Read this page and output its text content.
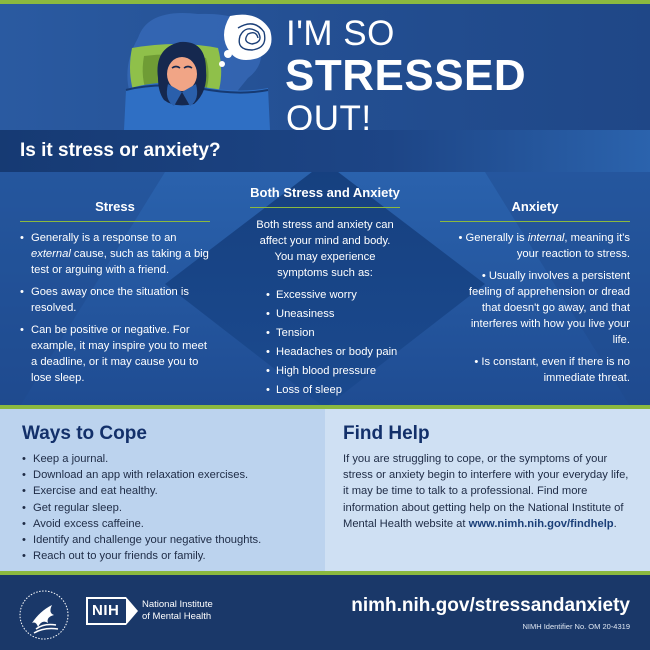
I'M SO
STRESSED
OUT!
Is it stress or anxiety?
Stress
• Generally is a response to an external cause, such as taking a big test or arguing with a friend.
• Goes away once the situation is resolved.
• Can be positive or negative. For example, it may inspire you to meet a deadline, or it may cause you to lose sleep.
Both Stress and Anxiety

Both stress and anxiety can affect your mind and body. You may experience symptoms such as:

• Excessive worry
• Uneasiness
• Tension
• Headaches or body pain
• High blood pressure
• Loss of sleep
Anxiety
• Generally is internal, meaning it's your reaction to stress.
• Usually involves a persistent feeling of apprehension or dread that doesn't go away, and that interferes with how you live your life.
• Is constant, even if there is no immediate threat.
Ways to Cope
• Keep a journal.
• Download an app with relaxation exercises.
• Exercise and eat healthy.
• Get regular sleep.
• Avoid excess caffeine.
• Identify and challenge your negative thoughts.
• Reach out to your friends or family.
Find Help

If you are struggling to cope, or the symptoms of your stress or anxiety begin to interfere with your everyday life, it may be time to talk to a professional. Find more information about getting help on the National Institute of Mental Health website at www.nimh.nih.gov/findhelp.

NIH	National Institute
of Mental Health
nimh.nih.gov/stressandanxiety
NIMH Identifier No. OM 20-4319
